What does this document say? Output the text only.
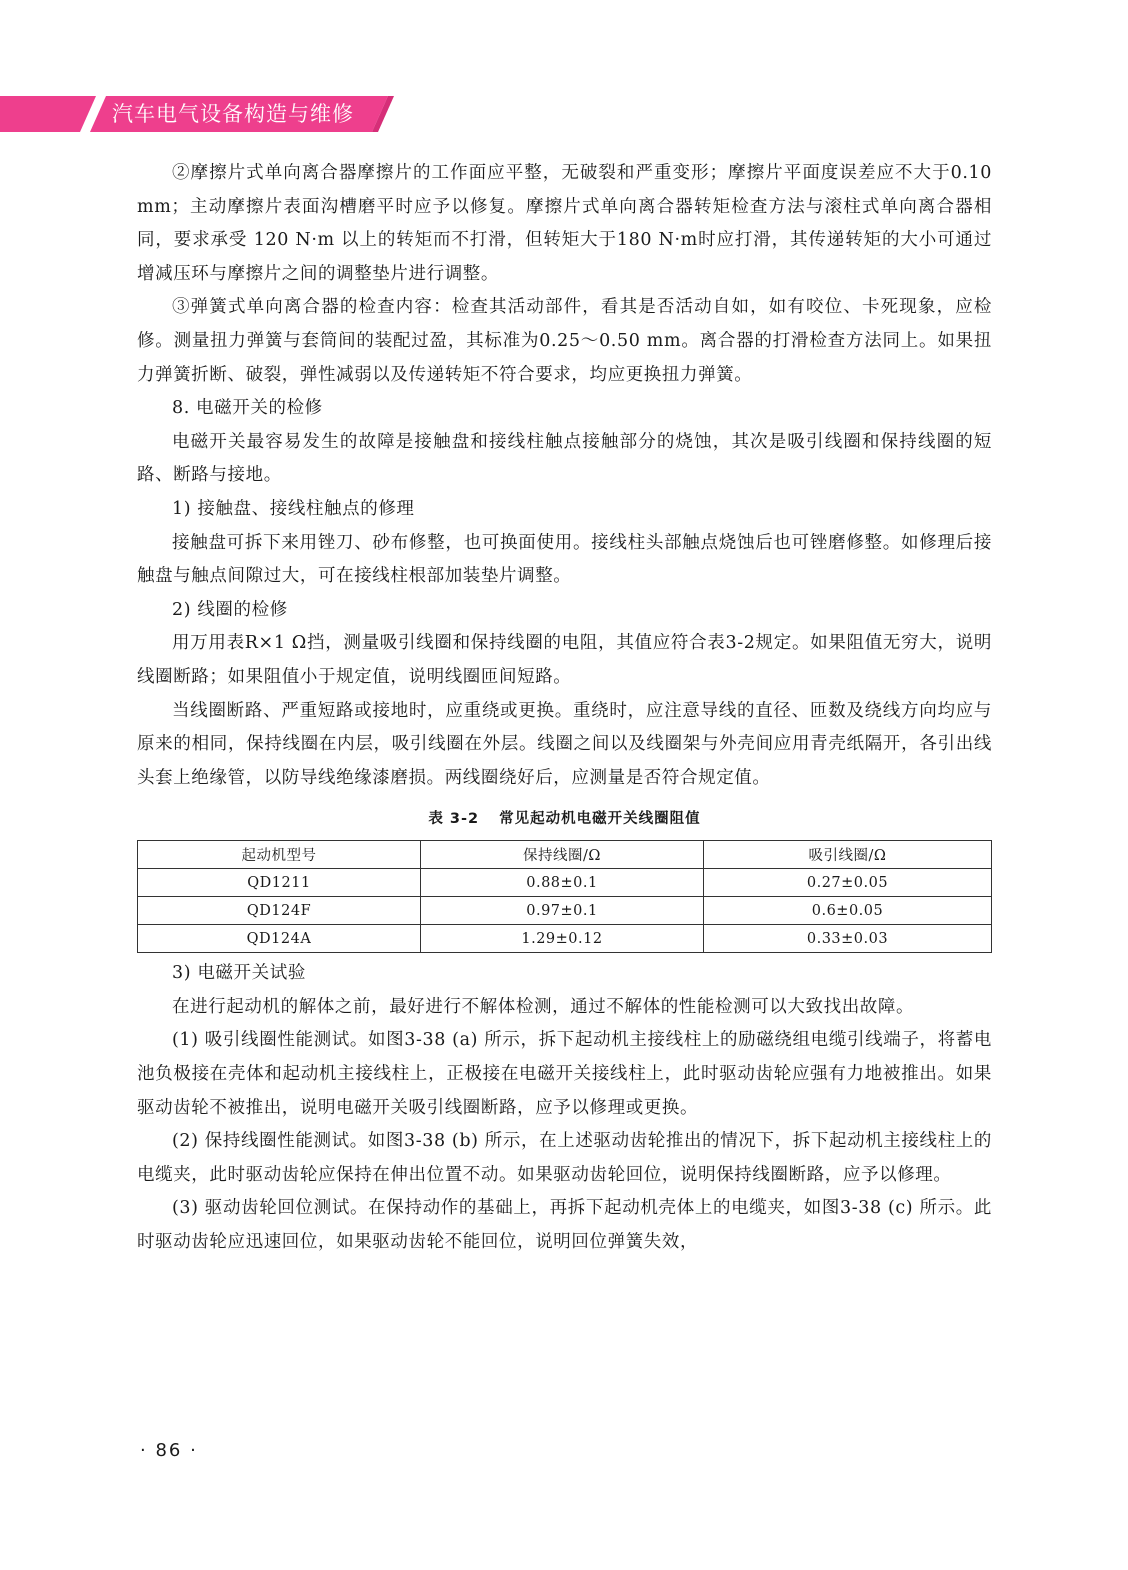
汽车电气设备构造与维修

②摩擦片式单向离合器摩擦片的工作面应平整，无破裂和严重变形；摩擦片平面度误差应不大于0.10 mm；主动摩擦片表面沟槽磨平时应予以修复。摩擦片式单向离合器转矩检查方法与滚柱式单向离合器相同，要求承受 120 N·m 以上的转矩而不打滑，但转矩大于180 N·m时应打滑，其传递转矩的大小可通过增减压环与摩擦片之间的调整垫片进行调整。

③弹簧式单向离合器的检查内容：检查其活动部件，看其是否活动自如，如有咬位、卡死现象，应检修。测量扭力弹簧与套筒间的装配过盈，其标准为0.25～0.50 mm。离合器的打滑检查方法同上。如果扭力弹簧折断、破裂，弹性减弱以及传递转矩不符合要求，均应更换扭力弹簧。

8. 电磁开关的检修

电磁开关最容易发生的故障是接触盘和接线柱触点接触部分的烧蚀，其次是吸引线圈和保持线圈的短路、断路与接地。

1) 接触盘、接线柱触点的修理

接触盘可拆下来用锉刀、砂布修整，也可换面使用。接线柱头部触点烧蚀后也可锉磨修整。如修理后接触盘与触点间隙过大，可在接线柱根部加装垫片调整。

2) 线圈的检修

用万用表R×1 Ω挡，测量吸引线圈和保持线圈的电阻，其值应符合表3-2规定。如果阻值无穷大，说明线圈断路；如果阻值小于规定值，说明线圈匝间短路。

当线圈断路、严重短路或接地时，应重绕或更换。重绕时，应注意导线的直径、匝数及绕线方向均应与原来的相同，保持线圈在内层，吸引线圈在外层。线圈之间以及线圈架与外壳间应用青壳纸隔开，各引出线头套上绝缘管，以防导线绝缘漆磨损。两线圈绕好后，应测量是否符合规定值。

表 3-2 常见起动机电磁开关线圈阻值
起动机型号	保持线圈/Ω	吸引线圈/Ω
QD1211	0.88±0.1	0.27±0.05
QD124F	0.97±0.1	0.6±0.05
QD124A	1.29±0.12	0.33±0.03

3) 电磁开关试验

在进行起动机的解体之前，最好进行不解体检测，通过不解体的性能检测可以大致找出故障。

(1) 吸引线圈性能测试。如图3-38 (a) 所示，拆下起动机主接线柱上的励磁绕组电缆引线端子，将蓄电池负极接在壳体和起动机主接线柱上，正极接在电磁开关接线柱上，此时驱动齿轮应强有力地被推出。如果驱动齿轮不被推出，说明电磁开关吸引线圈断路，应予以修理或更换。

(2) 保持线圈性能测试。如图3-38 (b) 所示，在上述驱动齿轮推出的情况下，拆下起动机主接线柱上的电缆夹，此时驱动齿轮应保持在伸出位置不动。如果驱动齿轮回位，说明保持线圈断路，应予以修理。

(3) 驱动齿轮回位测试。在保持动作的基础上，再拆下起动机壳体上的电缆夹，如图3-38 (c) 所示。此时驱动齿轮应迅速回位，如果驱动齿轮不能回位，说明回位弹簧失效，

· 86 ·
